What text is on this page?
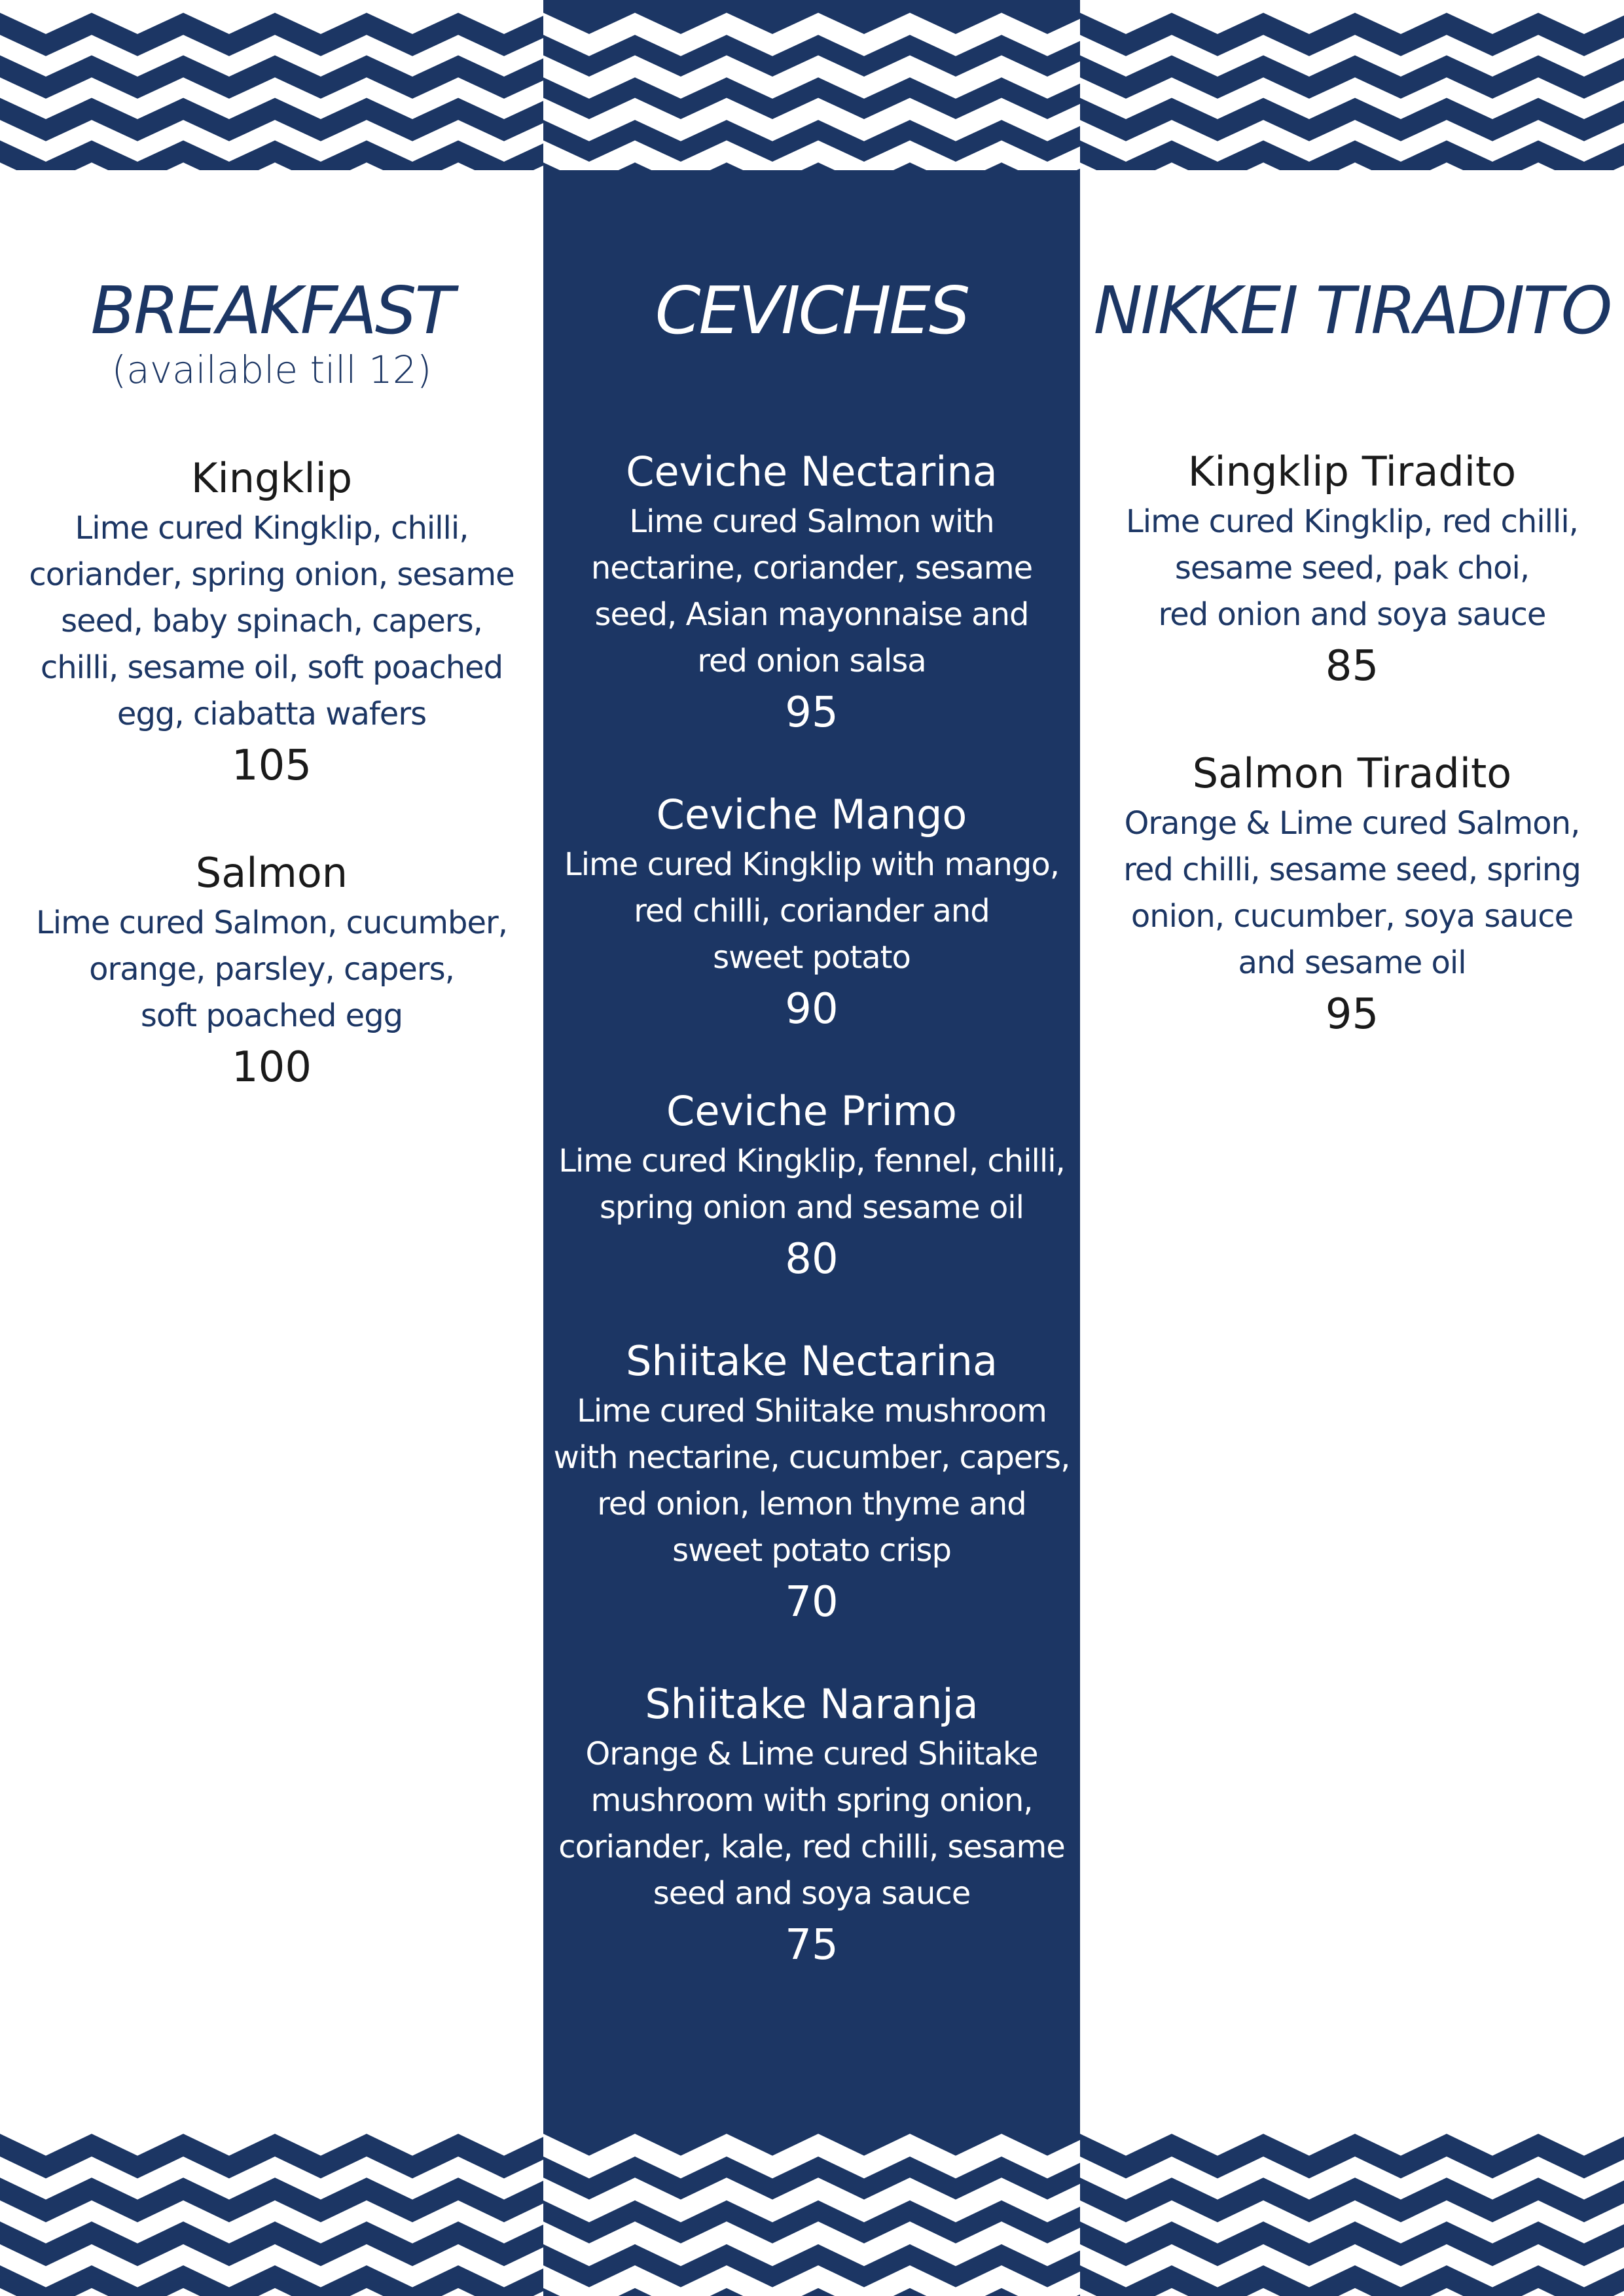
BREAKFAST
(available till 12)
Kingklip
Lime cured Kingklip, chilli,
coriander, spring onion, sesame
seed, baby spinach, capers,
chilli, sesame oil, soft poached
egg, ciabatta wafers
105
Salmon
Lime cured Salmon, cucumber,
orange, parsley, capers,
soft poached egg
100
CEVICHES
Ceviche Nectarina
Lime cured Salmon with
nectarine, coriander, sesame
seed, Asian mayonnaise and
red onion salsa
95
Ceviche Mango
Lime cured Kingklip with mango,
red chilli, coriander and
sweet potato
90
Ceviche Primo
Lime cured Kingklip, fennel, chilli,
spring onion and sesame oil
80
Shiitake Nectarina
Lime cured Shiitake mushroom
with nectarine, cucumber, capers,
red onion, lemon thyme and
sweet potato crisp
70
Shiitake Naranja
Orange & Lime cured Shiitake
mushroom with spring onion,
coriander, kale, red chilli, sesame
seed and soya sauce
75
NIKKEI TIRADITO
Kingklip Tiradito
Lime cured Kingklip, red chilli,
sesame seed, pak choi,
red onion and soya sauce
85
Salmon Tiradito
Orange & Lime cured Salmon,
red chilli, sesame seed, spring
onion, cucumber, soya sauce
and sesame oil
95
